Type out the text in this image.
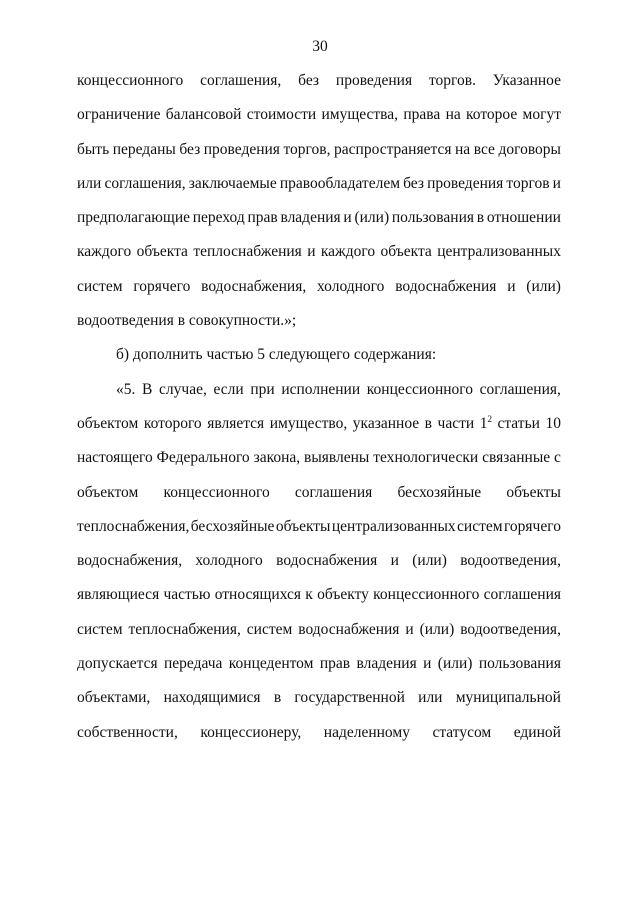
30
концессионного соглашения, без проведения торгов. Указанное
ограничение балансовой стоимости имущества, права на которое могут
быть переданы без проведения торгов, распространяется на все договоры
или соглашения, заключаемые правообладателем без проведения торгов и
предполагающие переход прав владения и (или) пользования в отношении
каждого объекта теплоснабжения и каждого объекта централизованных
систем горячего водоснабжения, холодного водоснабжения и (или)
водоотведения в совокупности.»;
б) дополнить частью 5 следующего содержания:
«5. В случае, если при исполнении концессионного соглашения,
объектом которого является имущество, указанное в части $1^2$ статьи 10
настоящего Федерального закона, выявлены технологически связанные с
объектом концессионного соглашения бесхозяйные объекты
теплоснабжения, бесхозяйные объекты централизованных систем горячего
водоснабжения, холодного водоснабжения и (или) водоотведения,
являющиеся частью относящихся к объекту концессионного соглашения
систем теплоснабжения, систем водоснабжения и (или) водоотведения,
допускается передача концедентом прав владения и (или) пользования
объектами, находящимися в государственной или муниципальной
собственности, концессионеру, наделенному статусом единой
